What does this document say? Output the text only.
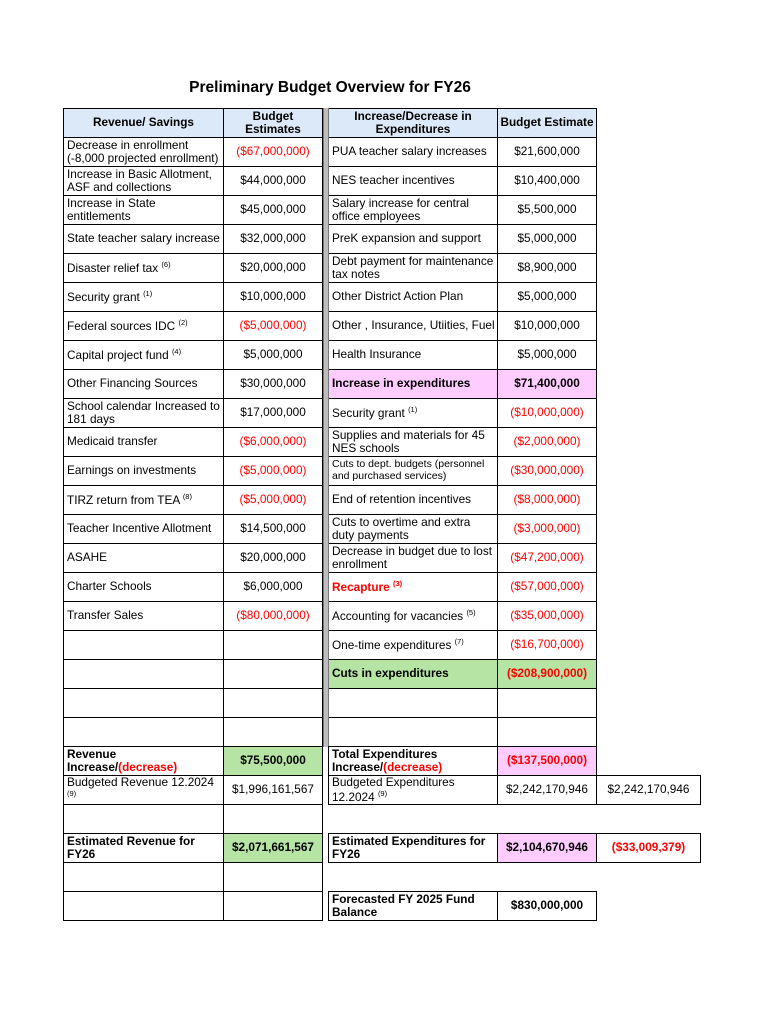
Preliminary Budget Overview for FY26
Revenue/ Savings	Budget Estimates
Increase/Decrease in Expenditures	Budget Estimate
Decrease in enrollment (-8,000 projected enrollment) ($67,000,000) PUA teacher salary increases $21,600,000
Increase in Basic Allotment, ASF and collections	$44,000,000 NES teacher incentives	$10,400,000
Increase in State entitlements	$45,000,000 Salary increase for central office employees	$5,500,000
State teacher salary increase $32,000,000 PreK expansion and support	$5,000,000
Disaster relief tax $^{(6)}$	$20,000,000 Debt payment for maintenance tax notes	$8,900,000
Security grant $^{(1)}$	$10,000,000 Other District Action Plan	$5,000,000
Federal sources IDC $^{(2)}$	($5,000,000) Other , Insurance, Utiities, Fuel $10,000,000
Capital project fund $^{(4)}$	$5,000,000 Health Insurance	$5,000,000
Other Financing Sources	$30,000,000 Increase in expenditures	$71,400,000
School calendar Increased to 181 days	$17,000,000 Security grant $^{(1)}$	($10,000,000)
Medicaid transfer	($6,000,000) Supplies and materials for 45 NES schools	($2,000,000)
Earnings on investments	($5,000,000) Cuts to dept. budgets (personnel and purchased services)	($30,000,000)
TIRZ return from TEA $^{(8)}$	($5,000,000) End of retention incentives	($8,000,000)
Teacher Incentive Allotment $14,500,000 Cuts to overtime and extra duty payments	($3,000,000)
ASAHE	$20,000,000 Decrease in budget due to lost enrollment	($47,200,000)
Charter Schools	$6,000,000 Recapture $^{(3)}$	($57,000,000)
Transfer Sales	($80,000,000) Accounting for vacancies $^{(5)}$	($35,000,000)
One-time expenditures $^{(7)}$	($16,700,000)
Cuts in expenditures	($208,900,000)
Revenue Increase/(decrease)	$75,500,000 Total Expenditures Increase/(decrease)	($137,500,000)
Budgeted Revenue 12.2024 $^{(9)}$	$1,996,161,567
Budgeted Expenditures 12.2024 $^{(9)}$	$2,242,170,946 $2,242,170,946
Estimated Revenue for FY26	$2,071,661,567 Estimated Expenditures for FY26	$2,104,670,946 ($33,009,379)
Forecasted FY 2025 Fund Balance	$830,000,000
